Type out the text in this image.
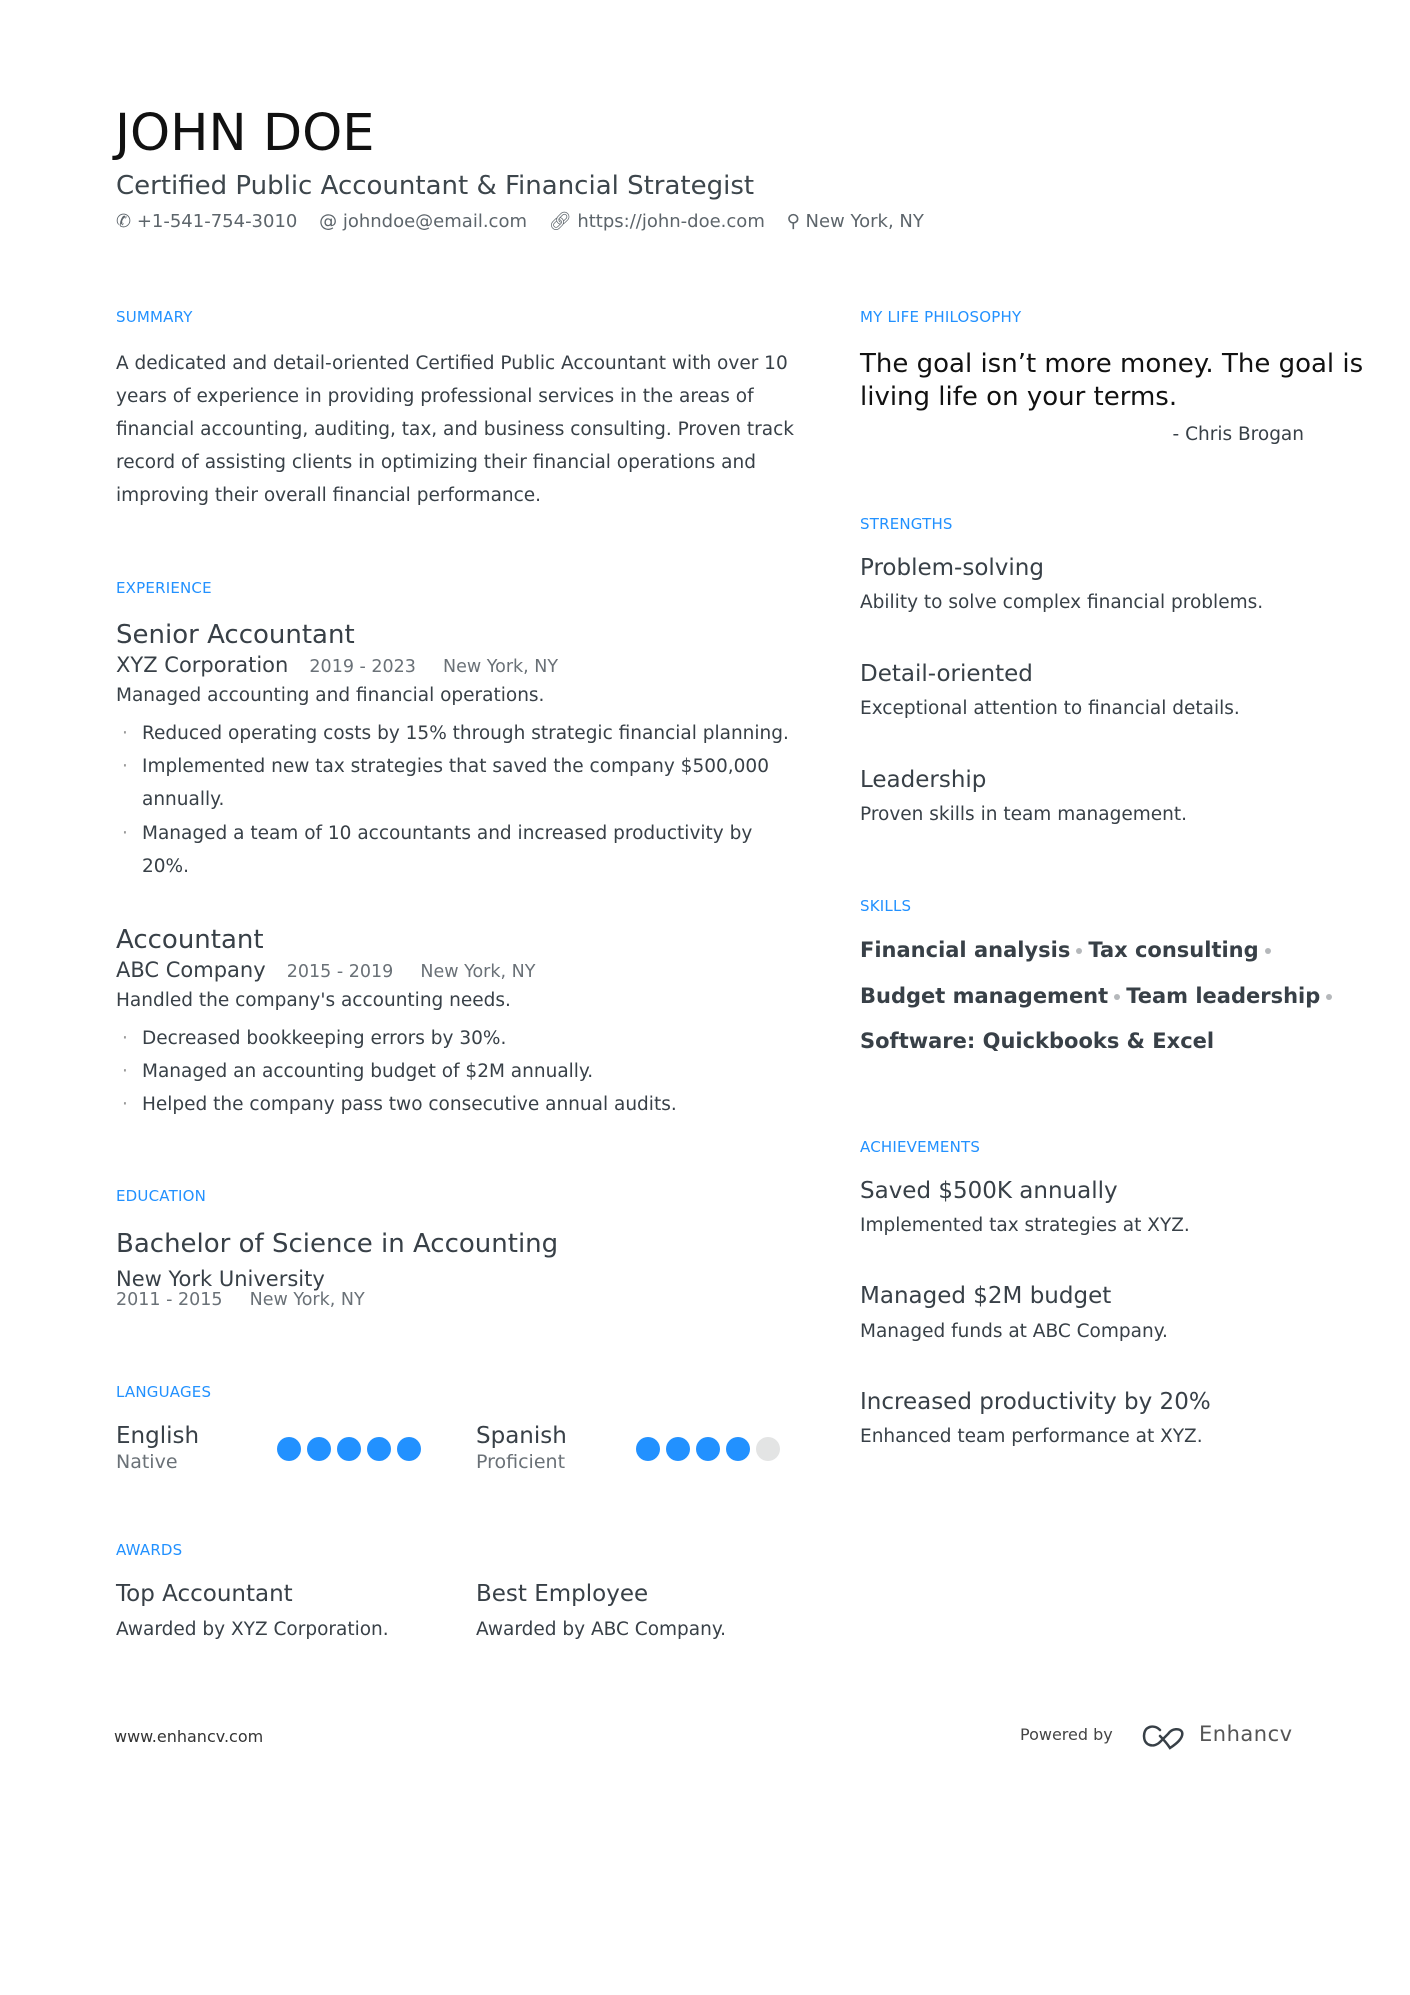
JOHN DOE
Certified Public Accountant & Financial Strategist
✆ +1-541-754-3010 @ johndoe@email.com 🔗︎ https://john-doe.com ⚲ New York, NY
SUMMARY
A dedicated and detail-oriented Certified Public Accountant with over 10
years of experience in providing professional services in the areas of
financial accounting, auditing, tax, and business consulting. Proven track
record of assisting clients in optimizing their financial operations and
improving their overall financial performance.
EXPERIENCE
Senior Accountant
XYZ Corporation 2019 - 2023 New York, NY
Managed accounting and financial operations.
· Reduced operating costs by 15% through strategic financial planning.
· Implemented new tax strategies that saved the company $500,000
annually.
· Managed a team of 10 accountants and increased productivity by
20%.
Accountant
ABC Company 2015 - 2019 New York, NY
Handled the company's accounting needs.
· Decreased bookkeeping errors by 30%.
· Managed an accounting budget of $2M annually.
· Helped the company pass two consecutive annual audits.
EDUCATION
Bachelor of Science in Accounting
New York University
2011 - 2015 New York, NY
LANGUAGES
English
Native
Spanish
Proficient
AWARDS
Top Accountant
Awarded by XYZ Corporation.
Best Employee
Awarded by ABC Company.
MY LIFE PHILOSOPHY
The goal isn’t more money. The goal is
living life on your terms.
- Chris Brogan
STRENGTHS
Problem-solving
Ability to solve complex financial problems.
Detail-oriented
Exceptional attention to financial details.
Leadership
Proven skills in team management.
SKILLS
Financial analysis Tax consulting
Budget management Team leadership
Software: Quickbooks & Excel
ACHIEVEMENTS
Saved $500K annually
Implemented tax strategies at XYZ.
Managed $2M budget
Managed funds at ABC Company.
Increased productivity by 20%
Enhanced team performance at XYZ.
www.enhancv.com	Powered by	Enhancv
